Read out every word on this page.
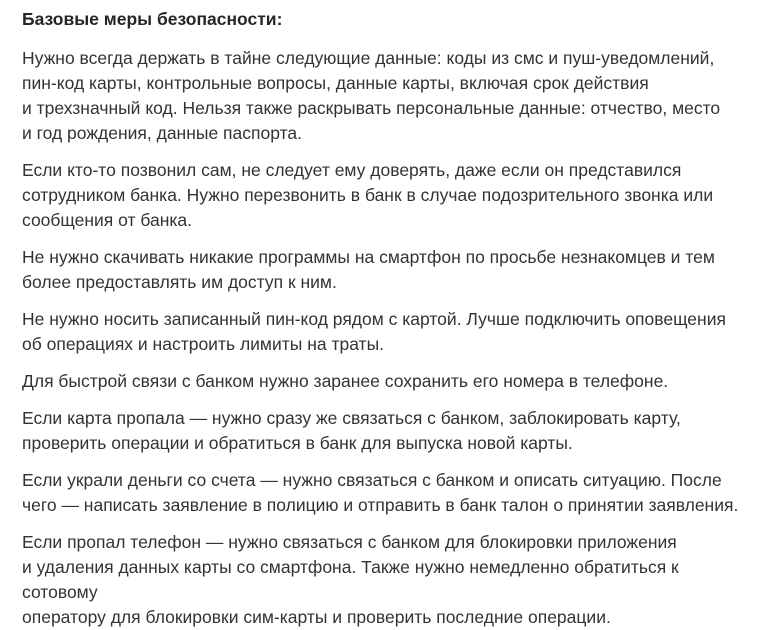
Базовые меры безопасности:

Нужно всегда держать в тайне следующие данные: коды из смс и пуш-уведомлений,
пин-код карты, контрольные вопросы, данные карты, включая срок действия
и трехзначный код. Нельзя также раскрывать персональные данные: отчество, место
и год рождения, данные паспорта.

Если кто-то позвонил сам, не следует ему доверять, даже если он представился
сотрудником банка. Нужно перезвонить в банк в случае подозрительного звонка или
сообщения от банка.

Не нужно скачивать никакие программы на смартфон по просьбе незнакомцев и тем
более предоставлять им доступ к ним.

Не нужно носить записанный пин-код рядом с картой. Лучше подключить оповещения
об операциях и настроить лимиты на траты.

Для быстрой связи с банком нужно заранее сохранить его номера в телефоне.

Если карта пропала — нужно сразу же связаться с банком, заблокировать карту,
проверить операции и обратиться в банк для выпуска новой карты.

Если украли деньги со счета — нужно связаться с банком и описать ситуацию. После
чего — написать заявление в полицию и отправить в банк талон о принятии заявления.

Если пропал телефон — нужно связаться с банком для блокировки приложения
и удаления данных карты со смартфона. Также нужно немедленно обратиться к сотовому
оператору для блокировки сим-карты и проверить последние операции.
